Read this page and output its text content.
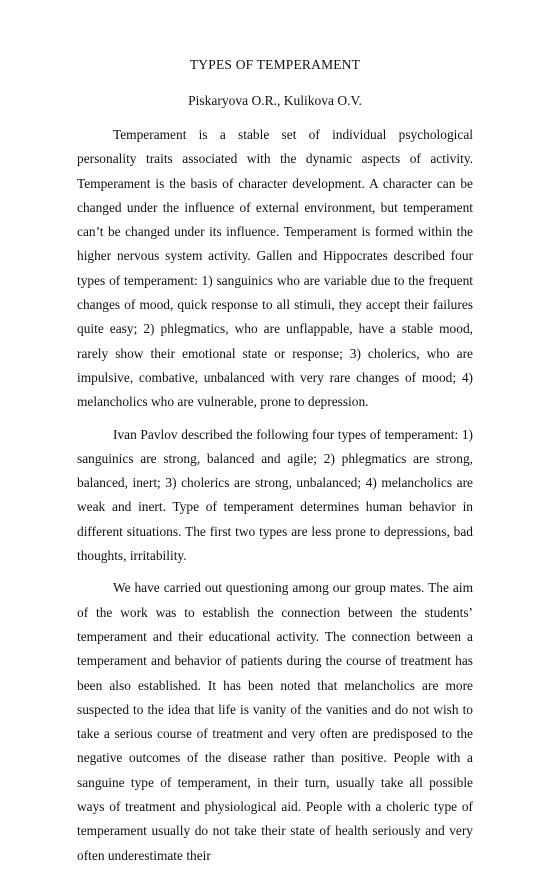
TYPES OF TEMPERAMENT

Piskaryova O.R., Kulikova O.V.

Temperament is a stable set of individual psychological personality traits associated with the dynamic aspects of activity. Temperament is the basis of character development. A character can be changed under the influence of external environment, but temperament can’t be changed under its influence. Temperament is formed within the higher nervous system activity. Gallen and Hippocrates described four types of temperament: 1) sanguinics who are variable due to the frequent changes of mood, quick response to all stimuli, they accept their failures quite easy; 2) phlegmatics, who are unflappable, have a stable mood, rarely show their emotional state or response; 3) cholerics, who are impulsive, combative, unbalanced with very rare changes of mood; 4) melancholics who are vulnerable, prone to depression.

Ivan Pavlov described the following four types of temperament: 1) sanguinics are strong, balanced and agile; 2) phlegmatics are strong, balanced, inert; 3) cholerics are strong, unbalanced; 4) melancholics are weak and inert. Type of temperament determines human behavior in different situations. The first two types are less prone to depressions, bad thoughts, irritability.

We have carried out questioning among our group mates. The aim of the work was to establish the connection between the students’ temperament and their educational activity. The connection between a temperament and behavior of patients during the course of treatment has been also established. It has been noted that melancholics are more suspected to the idea that life is vanity of the vanities and do not wish to take a serious course of treatment and very often are predisposed to the negative outcomes of the disease rather than positive. People with a sanguine type of temperament, in their turn, usually take all possible ways of treatment and physiological aid. People with a choleric type of temperament usually do not take their state of health seriously and very often underestimate their
